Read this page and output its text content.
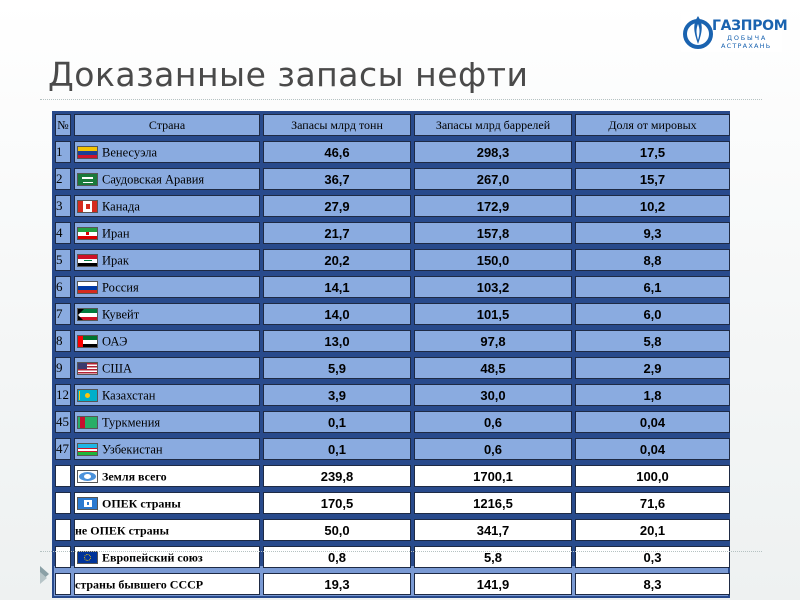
Доказанные запасы нефти
ГАЗПРОМ
ДОБЫЧА
АСТРАХАНЬ
№	Страна	Запасы млрд тонн	Запасы млрд баррелей	Доля от мировых
1	Венесуэла	46,6	298,3	17,5
2	Саудовская Аравия	36,7	267,0	15,7
3	Канада	27,9	172,9	10,2
4	Иран	21,7	157,8	9,3
5	Ирак	20,2	150,0	8,8
6	Россия	14,1	103,2	6,1
7	Кувейт	14,0	101,5	6,0
8	ОАЭ	13,0	97,8	5,8
9	США	5,9	48,5	2,9
12	Казахстан	3,9	30,0	1,8
45	Туркмения	0,1	0,6	0,04
47	Узбекистан	0,1	0,6	0,04

Земля всего	239,8	1700,1	100,0

ОПЕК страны	170,5	1216,5	71,6
	не ОПЕК страны	50,0	341,7	20,1

Европейский союз	0,8	5,8	0,3
	страны бывшего СССР	19,3	141,9	8,3
